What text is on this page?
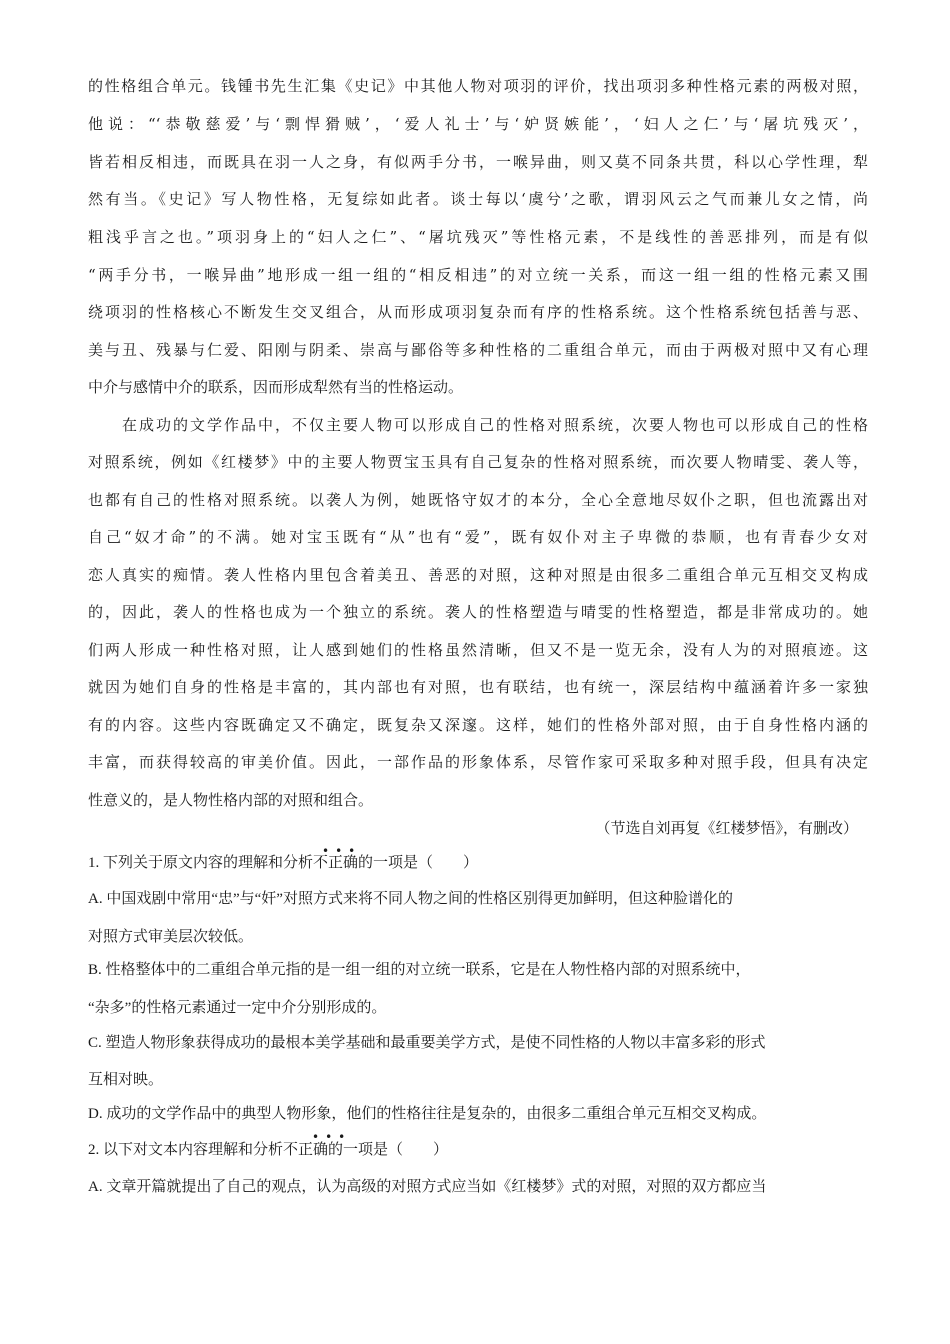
的性格组合单元。钱锺书先生汇集《史记》中其他人物对项羽的评价，找出项羽多种性格元素的两极对照，
他说：“‘恭敬慈爱’与‘剽悍猾贼’，‘爱人礼士’与‘妒贤嫉能’，‘妇人之仁’与‘屠坑残灭’，
皆若相反相违，而既具在羽一人之身，有似两手分书，一喉异曲，则又莫不同条共贯，科以心学性理，犁
然有当。《史记》写人物性格，无复综如此者。谈士每以‘虞兮’之歌，谓羽风云之气而兼儿女之情，尚
粗浅乎言之也。”项羽身上的“妇人之仁”、“屠坑残灭”等性格元素，不是线性的善恶排列，而是有似
“两手分书，一喉异曲”地形成一组一组的“相反相违”的对立统一关系，而这一组一组的性格元素又围
绕项羽的性格核心不断发生交叉组合，从而形成项羽复杂而有序的性格系统。这个性格系统包括善与恶、
美与丑、残暴与仁爱、阳刚与阴柔、崇高与鄙俗等多种性格的二重组合单元，而由于两极对照中又有心理
中介与感情中介的联系，因而形成犁然有当的性格运动。
　　在成功的文学作品中，不仅主要人物可以形成自己的性格对照系统，次要人物也可以形成自己的性格
对照系统，例如《红楼梦》中的主要人物贾宝玉具有自己复杂的性格对照系统，而次要人物晴雯、袭人等，
也都有自己的性格对照系统。以袭人为例，她既恪守奴才的本分，全心全意地尽奴仆之职，但也流露出对
自己“奴才命”的不满。她对宝玉既有“从”也有“爱”，既有奴仆对主子卑微的恭顺，也有青春少女对
恋人真实的痴情。袭人性格内里包含着美丑、善恶的对照，这种对照是由很多二重组合单元互相交叉构成
的，因此，袭人的性格也成为一个独立的系统。袭人的性格塑造与晴雯的性格塑造，都是非常成功的。她
们两人形成一种性格对照，让人感到她们的性格虽然清晰，但又不是一览无余，没有人为的对照痕迹。这
就因为她们自身的性格是丰富的，其内部也有对照，也有联结，也有统一，深层结构中蕴涵着许多一家独
有的内容。这些内容既确定又不确定，既复杂又深邃。这样，她们的性格外部对照，由于自身性格内涵的
丰富，而获得较高的审美价值。因此，一部作品的形象体系，尽管作家可采取多种对照手段，但具有决定
性意义的，是人物性格内部的对照和组合。
（节选自刘再复《红楼梦悟》，有删改）
•••
1. 下列关于原文内容的理解和分析不正确的一项是（　　）
A. 中国戏剧中常用“忠”与“奸”对照方式来将不同人物之间的性格区别得更加鲜明，但这种脸谱化的
对照方式审美层次较低。
B. 性格整体中的二重组合单元指的是一组一组的对立统一联系，它是在人物性格内部的对照系统中，
“杂多”的性格元素通过一定中介分别形成的。
C. 塑造人物形象获得成功的最根本美学基础和最重要美学方式，是使不同性格的人物以丰富多彩的形式
互相对映。
D. 成功的文学作品中的典型人物形象，他们的性格往往是复杂的，由很多二重组合单元互相交叉构成。
•••
2. 以下对文本内容理解和分析不正确的一项是（　　）
A. 文章开篇就提出了自己的观点，认为高级的对照方式应当如《红楼梦》式的对照，对照的双方都应当
